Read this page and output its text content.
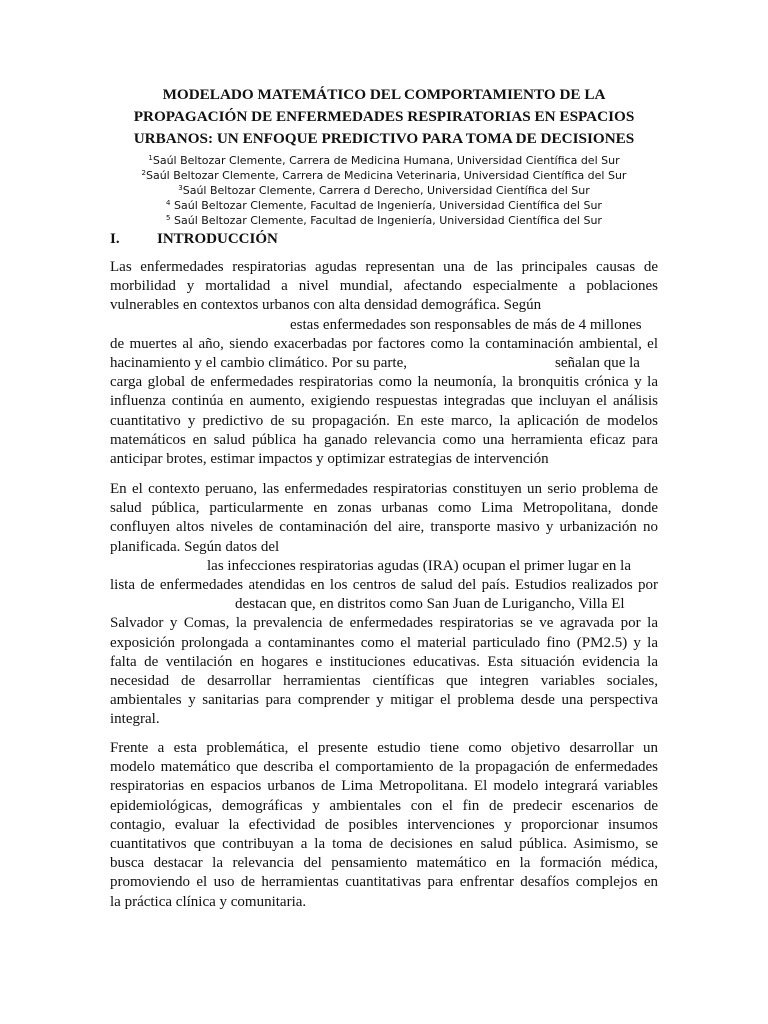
MODELADO MATEMÁTICO DEL COMPORTAMIENTO DE LA
PROPAGACIÓN DE ENFERMEDADES RESPIRATORIAS EN ESPACIOS
URBANOS: UN ENFOQUE PREDICTIVO PARA TOMA DE DECISIONES
$^1$Saúl Beltozar Clemente, Carrera de Medicina Humana, Universidad Científica del Sur
$^2$Saúl Beltozar Clemente, Carrera de Medicina Veterinaria, Universidad Científica del Sur
$^3$Saúl Beltozar Clemente, Carrera d Derecho, Universidad Científica del Sur
$^4$ Saúl Beltozar Clemente, Facultad de Ingeniería, Universidad Científica del Sur
$^5$ Saúl Beltozar Clemente, Facultad de Ingeniería, Universidad Científica del Sur
I. INTRODUCCIÓN
Las enfermedades respiratorias agudas representan una de las principales causas de
morbilidad y mortalidad a nivel mundial, afectando especialmente a poblaciones
vulnerables en contextos urbanos con alta densidad demográfica. Según
estas enfermedades son responsables de más de 4 millones
de muertes al año, siendo exacerbadas por factores como la contaminación ambiental, el
hacinamiento y el cambio climático. Por su parte,	señalan que la
carga global de enfermedades respiratorias como la neumonía, la bronquitis crónica y la
influenza continúa en aumento, exigiendo respuestas integradas que incluyan el análisis
cuantitativo y predictivo de su propagación. En este marco, la aplicación de modelos
matemáticos en salud pública ha ganado relevancia como una herramienta eficaz para
anticipar brotes, estimar impactos y optimizar estrategias de intervención
En el contexto peruano, las enfermedades respiratorias constituyen un serio problema de
salud pública, particularmente en zonas urbanas como Lima Metropolitana, donde
confluyen altos niveles de contaminación del aire, transporte masivo y urbanización no
planificada. Según datos del
las infecciones respiratorias agudas (IRA) ocupan el primer lugar en la
lista de enfermedades atendidas en los centros de salud del país. Estudios realizados por
destacan que, en distritos como San Juan de Lurigancho, Villa El
Salvador y Comas, la prevalencia de enfermedades respiratorias se ve agravada por la
exposición prolongada a contaminantes como el material particulado fino (PM2.5) y la
falta de ventilación en hogares e instituciones educativas. Esta situación evidencia la
necesidad de desarrollar herramientas científicas que integren variables sociales,
ambientales y sanitarias para comprender y mitigar el problema desde una perspectiva
integral.
Frente a esta problemática, el presente estudio tiene como objetivo desarrollar un
modelo matemático que describa el comportamiento de la propagación de enfermedades
respiratorias en espacios urbanos de Lima Metropolitana. El modelo integrará variables
epidemiológicas, demográficas y ambientales con el fin de predecir escenarios de
contagio, evaluar la efectividad de posibles intervenciones y proporcionar insumos
cuantitativos que contribuyan a la toma de decisiones en salud pública. Asimismo, se
busca destacar la relevancia del pensamiento matemático en la formación médica,
promoviendo el uso de herramientas cuantitativas para enfrentar desafíos complejos en
la práctica clínica y comunitaria.
